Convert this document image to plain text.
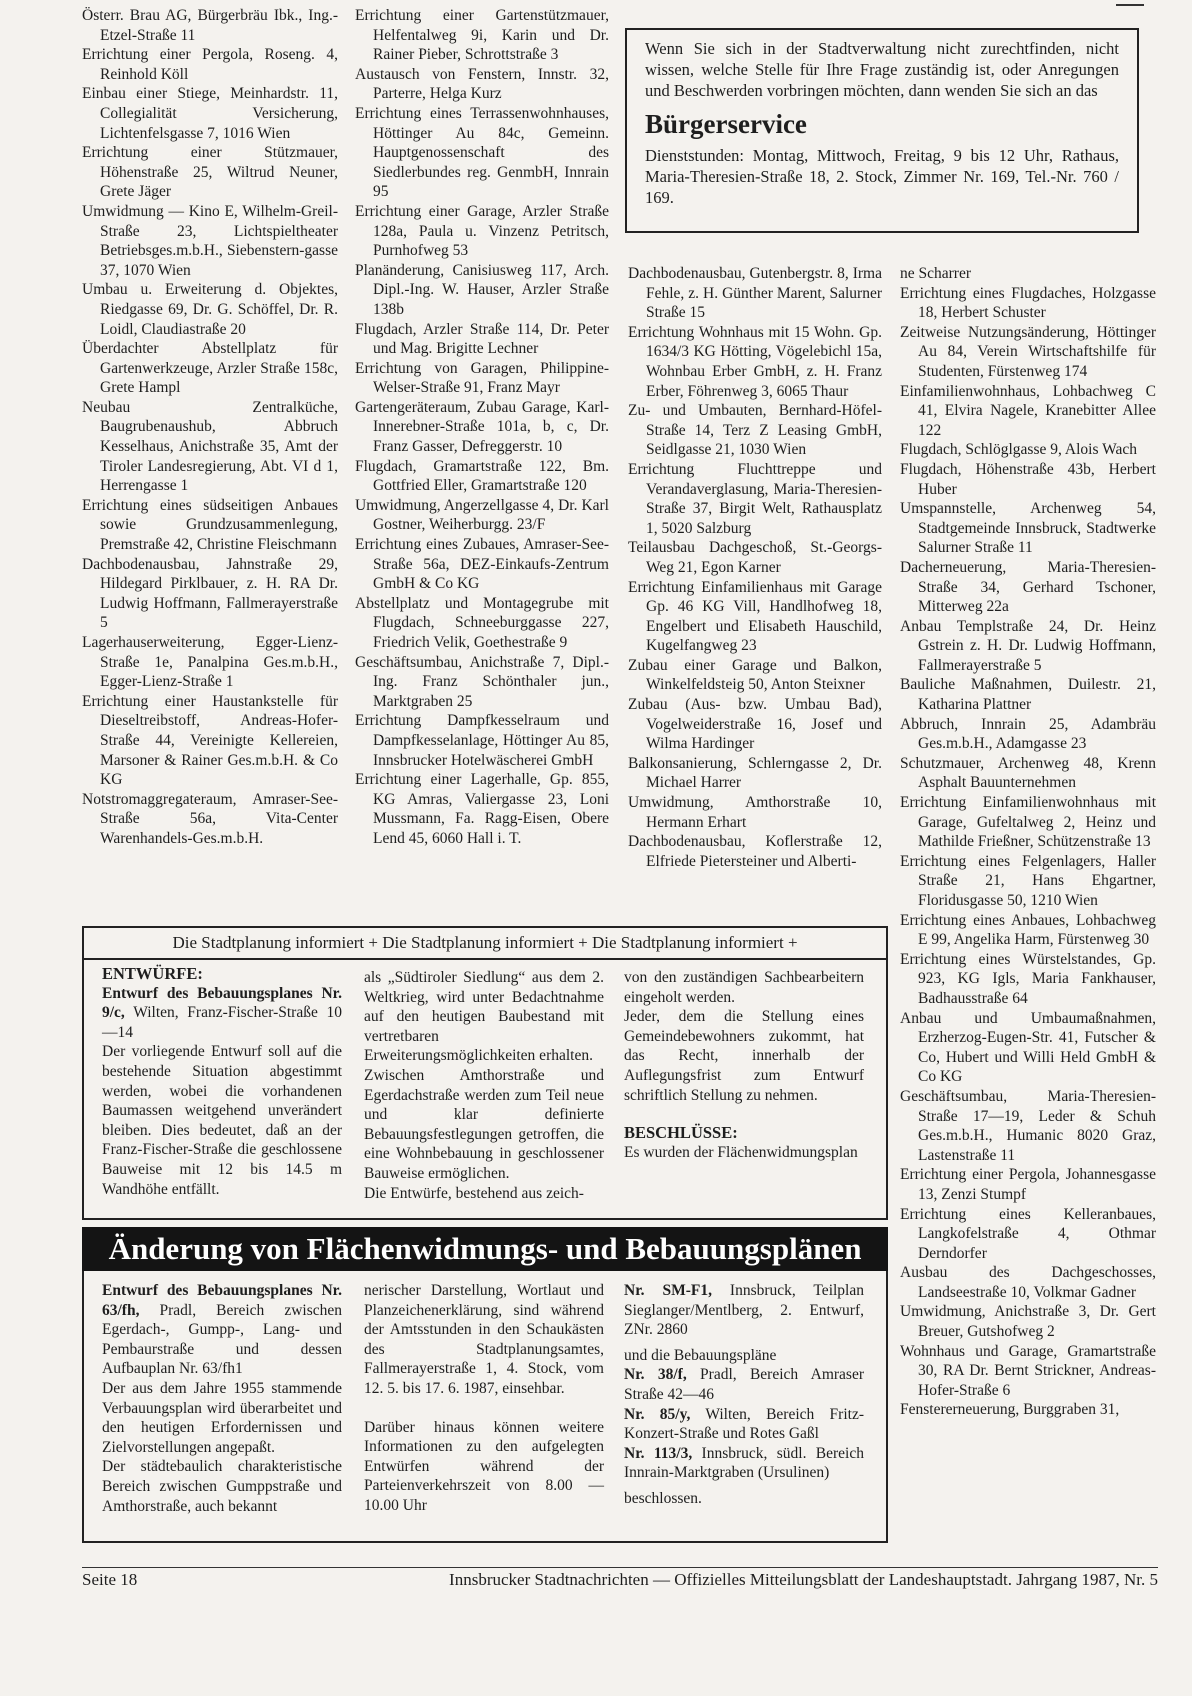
Österr. Brau AG, Bürgerbräu Ibk., Ing.-Etzel-Straße 11

Errichtung einer Pergola, Roseng. 4, Reinhold Köll

Einbau einer Stiege, Meinhardstr. 11, Collegialität Versicherung, Lichtenfelsgasse 7, 1016 Wien

Errichtung einer Stützmauer, Höhenstraße 25, Wiltrud Neuner, Grete Jäger

Umwidmung — Kino E, Wilhelm-Greil-Straße 23, Lichtspieltheater Betriebsges.m.b.H., Siebenstern-gasse 37, 1070 Wien

Umbau u. Erweiterung d. Objektes, Riedgasse 69, Dr. G. Schöffel, Dr. R. Loidl, Claudiastraße 20

Überdachter Abstellplatz für Gartenwerkzeuge, Arzler Straße 158c, Grete Hampl

Neubau Zentralküche, Baugrubenaushub, Abbruch Kesselhaus, Anichstraße 35, Amt der Tiroler Landesregierung, Abt. VI d 1, Herrengasse 1

Errichtung eines südseitigen Anbaues sowie Grundzusammenlegung, Premstraße 42, Christine Fleischmann

Dachbodenausbau, Jahnstraße 29, Hildegard Pirklbauer, z. H. RA Dr. Ludwig Hoffmann, Fallmerayerstraße 5

Lagerhauserweiterung, Egger-Lienz-Straße 1e, Panalpina Ges.m.b.H., Egger-Lienz-Straße 1

Errichtung einer Haustankstelle für Dieseltreibstoff, Andreas-Hofer-Straße 44, Vereinigte Kellereien, Marsoner & Rainer Ges.m.b.H. & Co KG

Notstromaggregateraum, Amraser-See-Straße 56a, Vita-Center Warenhandels-Ges.m.b.H.

Errichtung einer Gartenstützmauer, Helfentalweg 9i, Karin und Dr. Rainer Pieber, Schrottstraße 3

Austausch von Fenstern, Innstr. 32, Parterre, Helga Kurz

Errichtung eines Terrassenwohnhauses, Höttinger Au 84c, Gemeinn. Hauptgenossenschaft des Siedlerbundes reg. GenmbH, Innrain 95

Errichtung einer Garage, Arzler Straße 128a, Paula u. Vinzenz Petritsch, Purnhofweg 53

Planänderung, Canisiusweg 117, Arch. Dipl.-Ing. W. Hauser, Arzler Straße 138b

Flugdach, Arzler Straße 114, Dr. Peter und Mag. Brigitte Lechner

Errichtung von Garagen, Philippine-Welser-Straße 91, Franz Mayr

Gartengeräteraum, Zubau Garage, Karl-Innerebner-Straße 101a, b, c, Dr. Franz Gasser, Defreggerstr. 10

Flugdach, Gramartstraße 122, Bm. Gottfried Eller, Gramartstraße 120

Umwidmung, Angerzellgasse 4, Dr. Karl Gostner, Weiherburgg. 23/F

Errichtung eines Zubaues, Amraser-See-Straße 56a, DEZ-Einkaufs-Zentrum GmbH & Co KG

Abstellplatz und Montagegrube mit Flugdach, Schneeburggasse 227, Friedrich Velik, Goethestraße 9

Geschäftsumbau, Anichstraße 7, Dipl.-Ing. Franz Schönthaler jun., Marktgraben 25

Errichtung Dampfkesselraum und Dampfkesselanlage, Höttinger Au 85, Innsbrucker Hotelwäscherei GmbH

Errichtung einer Lagerhalle, Gp. 855, KG Amras, Valiergasse 23, Loni Mussmann, Fa. Ragg-Eisen, Obere Lend 45, 6060 Hall i. T.

Wenn Sie sich in der Stadtverwaltung nicht zurechtfinden, nicht wissen, welche Stelle für Ihre Frage zuständig ist, oder Anregungen und Beschwerden vorbringen möchten, dann wenden Sie sich an das
Bürgerservice
Dienststunden: Montag, Mittwoch, Freitag, 9 bis 12 Uhr, Rathaus, Maria-Theresien-Straße 18, 2. Stock, Zimmer Nr. 169, Tel.-Nr. 760 / 169.

Dachbodenausbau, Gutenbergstr. 8, Irma Fehle, z. H. Günther Marent, Salurner Straße 15

Errichtung Wohnhaus mit 15 Wohn. Gp. 1634/3 KG Hötting, Vögelebichl 15a, Wohnbau Erber GmbH, z. H. Franz Erber, Föhrenweg 3, 6065 Thaur

Zu- und Umbauten, Bernhard-Höfel-Straße 14, Terz Z Leasing GmbH, Seidlgasse 21, 1030 Wien

Errichtung Fluchttreppe und Verandaverglasung, Maria-Theresien-Straße 37, Birgit Welt, Rathausplatz 1, 5020 Salzburg

Teilausbau Dachgeschoß, St.-Georgs-Weg 21, Egon Karner

Errichtung Einfamilienhaus mit Garage Gp. 46 KG Vill, Handlhofweg 18, Engelbert und Elisabeth Hauschild, Kugelfangweg 23

Zubau einer Garage und Balkon, Winkelfeldsteig 50, Anton Steixner

Zubau (Aus- bzw. Umbau Bad), Vogelweiderstraße 16, Josef und Wilma Hardinger

Balkonsanierung, Schlerngasse 2, Dr. Michael Harrer

Umwidmung, Amthorstraße 10, Hermann Erhart

Dachbodenausbau, Koflerstraße 12, Elfriede Pietersteiner und Alberti-

ne Scharrer

Errichtung eines Flugdaches, Holzgasse 18, Herbert Schuster

Zeitweise Nutzungsänderung, Höttinger Au 84, Verein Wirtschaftshilfe für Studenten, Fürstenweg 174

Einfamilienwohnhaus, Lohbachweg C 41, Elvira Nagele, Kranebitter Allee 122

Flugdach, Schlöglgasse 9, Alois Wach

Flugdach, Höhenstraße 43b, Herbert Huber

Umspannstelle, Archenweg 54, Stadtgemeinde Innsbruck, Stadtwerke Salurner Straße 11

Dacherneuerung, Maria-Theresien-Straße 34, Gerhard Tschoner, Mitterweg 22a

Anbau Templstraße 24, Dr. Heinz Gstrein z. H. Dr. Ludwig Hoffmann, Fallmerayerstraße 5

Bauliche Maßnahmen, Duilestr. 21, Katharina Plattner

Abbruch, Innrain 25, Adambräu Ges.m.b.H., Adamgasse 23

Schutzmauer, Archenweg 48, Krenn Asphalt Bauunternehmen

Errichtung Einfamilienwohnhaus mit Garage, Gufeltalweg 2, Heinz und Mathilde Frießner, Schützenstraße 13

Errichtung eines Felgenlagers, Haller Straße 21, Hans Ehgartner, Floridusgasse 50, 1210 Wien

Errichtung eines Anbaues, Lohbachweg E 99, Angelika Harm, Fürstenweg 30

Errichtung eines Würstelstandes, Gp. 923, KG Igls, Maria Fankhauser, Badhausstraße 64

Anbau und Umbaumaßnahmen, Erzherzog-Eugen-Str. 41, Futscher & Co, Hubert und Willi Held GmbH & Co KG

Geschäftsumbau, Maria-Theresien-Straße 17—19, Leder & Schuh Ges.m.b.H., Humanic 8020 Graz, Lastenstraße 11

Errichtung einer Pergola, Johannesgasse 13, Zenzi Stumpf

Errichtung eines Kelleranbaues, Langkofelstraße 4, Othmar Derndorfer

Ausbau des Dachgeschosses, Landseestraße 10, Volkmar Gadner

Umwidmung, Anichstraße 3, Dr. Gert Breuer, Gutshofweg 2

Wohnhaus und Garage, Gramartstraße 30, RA Dr. Bernt Strickner, Andreas-Hofer-Straße 6

Fenstererneuerung, Burggraben 31,

Die Stadtplanung informiert + Die Stadtplanung informiert + Die Stadtplanung informiert +

ENTWÜRFE:

Entwurf des Bebauungsplanes Nr. 9/c, Wilten, Franz-Fischer-Straße 10—14

Der vorliegende Entwurf soll auf die bestehende Situation abgestimmt werden, wobei die vorhandenen Baumassen weitgehend unverändert bleiben. Dies bedeutet, daß an der Franz-Fischer-Straße die geschlossene Bauweise mit 12 bis 14.5 m Wandhöhe entfällt.

als „Südtiroler Siedlung“ aus dem 2. Weltkrieg, wird unter Bedachtnahme auf den heutigen Baubestand mit vertretbaren Erweiterungsmöglichkeiten erhalten.

Zwischen Amthorstraße und Egerdachstraße werden zum Teil neue und klar definierte Bebauungsfestlegungen getroffen, die eine Wohnbebauung in geschlossener Bauweise ermöglichen.

Die Entwürfe, bestehend aus zeich-

von den zuständigen Sachbearbeitern eingeholt werden.

Jeder, dem die Stellung eines Gemeindebewohners zukommt, hat das Recht, innerhalb der Auflegungsfrist zum Entwurf schriftlich Stellung zu nehmen.

BESCHLÜSSE:

Es wurden der Flächenwidmungsplan

Änderung von Flächenwidmungs- und Bebauungsplänen

Entwurf des Bebauungsplanes Nr. 63/fh, Pradl, Bereich zwischen Egerdach-, Gumpp-, Lang- und Pembaurstraße und dessen Aufbauplan Nr. 63/fh1

Der aus dem Jahre 1955 stammende Verbauungsplan wird überarbeitet und den heutigen Erfordernissen und Zielvorstellungen angepaßt.

Der städtebaulich charakteristische Bereich zwischen Gumppstraße und Amthorstraße, auch bekannt

nerischer Darstellung, Wortlaut und Planzeichenerklärung, sind während der Amtsstunden in den Schaukästen des Stadtplanungsamtes, Fallmerayerstraße 1, 4. Stock, vom 12. 5. bis 17. 6. 1987, einsehbar.

Darüber hinaus können weitere Informationen zu den aufgelegten Entwürfen während der Parteienverkehrszeit von 8.00 — 10.00 Uhr

Nr. SM-F1, Innsbruck, Teilplan Sieglanger/Mentlberg, 2. Entwurf, ZNr. 2860

und die Bebauungspläne

Nr. 38/f, Pradl, Bereich Amraser Straße 42—46

Nr. 85/y, Wilten, Bereich Fritz-Konzert-Straße und Rotes Gaßl

Nr. 113/3, Innsbruck, südl. Bereich Innrain-Marktgraben (Ursulinen)

beschlossen.

Seite 18	Innsbrucker Stadtnachrichten — Offizielles Mitteilungsblatt der Landeshauptstadt. Jahrgang 1987, Nr. 5
